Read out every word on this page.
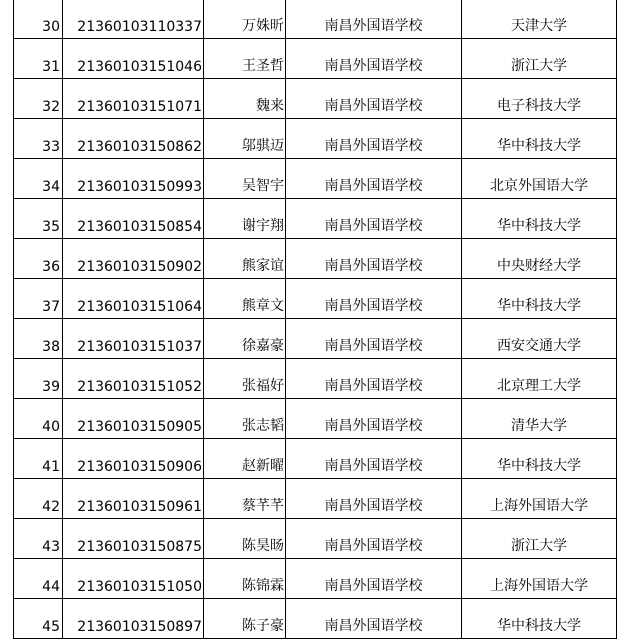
30	21360103110337	万姝昕	南昌外国语学校	天津大学
31	21360103151046	王圣哲	南昌外国语学校	浙江大学
32	21360103151071	魏来	南昌外国语学校	电子科技大学
33	21360103150862	邬骐迈	南昌外国语学校	华中科技大学
34	21360103150993	吴智宇	南昌外国语学校	北京外国语大学
35	21360103150854	谢宇翔	南昌外国语学校	华中科技大学
36	21360103150902	熊家谊	南昌外国语学校	中央财经大学
37	21360103151064	熊章文	南昌外国语学校	华中科技大学
38	21360103151037	徐嘉豪	南昌外国语学校	西安交通大学
39	21360103151052	张福好	南昌外国语学校	北京理工大学
40	21360103150905	张志韬	南昌外国语学校	清华大学
41	21360103150906	赵新曜	南昌外国语学校	华中科技大学
42	21360103150961	蔡芊芊	南昌外国语学校	上海外国语大学
43	21360103150875	陈昊旸	南昌外国语学校	浙江大学
44	21360103151050	陈锦霖	南昌外国语学校	上海外国语大学
45	21360103150897	陈子豪	南昌外国语学校	华中科技大学
